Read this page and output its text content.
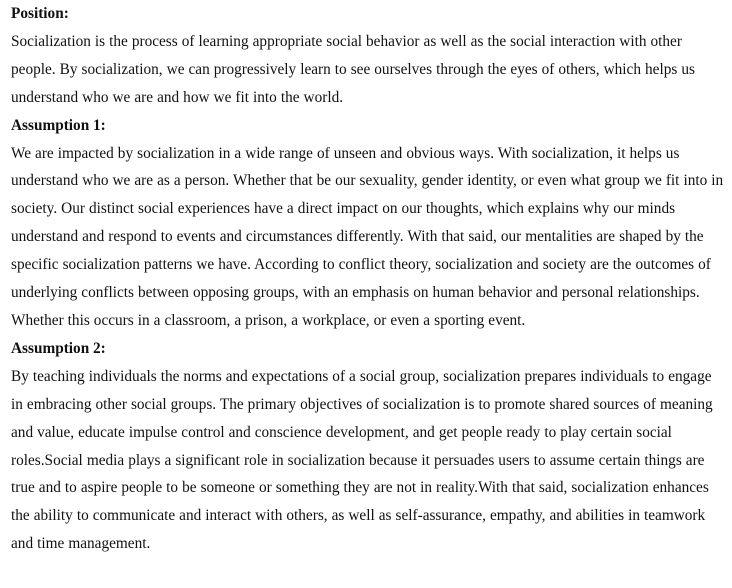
Position:

Socialization is the process of learning appropriate social behavior as well as the social interaction with other people. By socialization, we can progressively learn to see ourselves through the eyes of others, which helps us understand who we are and how we fit into the world.

Assumption 1:

We are impacted by socialization in a wide range of unseen and obvious ways. With socialization, it helps us understand who we are as a person. Whether that be our sexuality, gender identity, or even what group we fit into in society. Our distinct social experiences have a direct impact on our thoughts, which explains why our minds understand and respond to events and circumstances differently. With that said, our mentalities are shaped by the specific socialization patterns we have. According to conflict theory, socialization and society are the outcomes of underlying conflicts between opposing groups, with an emphasis on human behavior and personal relationships. Whether this occurs in a classroom, a prison, a workplace, or even a sporting event.

Assumption 2:

By teaching individuals the norms and expectations of a social group, socialization prepares individuals to engage in embracing other social groups. The primary objectives of socialization is to promote shared sources of meaning and value, educate impulse control and conscience development, and get people ready to play certain social roles.Social media plays a significant role in socialization because it persuades users to assume certain things are true and to aspire people to be someone or something they are not in reality.With that said, socialization enhances the ability to communicate and interact with others, as well as self-assurance, empathy, and abilities in teamwork and time management.
